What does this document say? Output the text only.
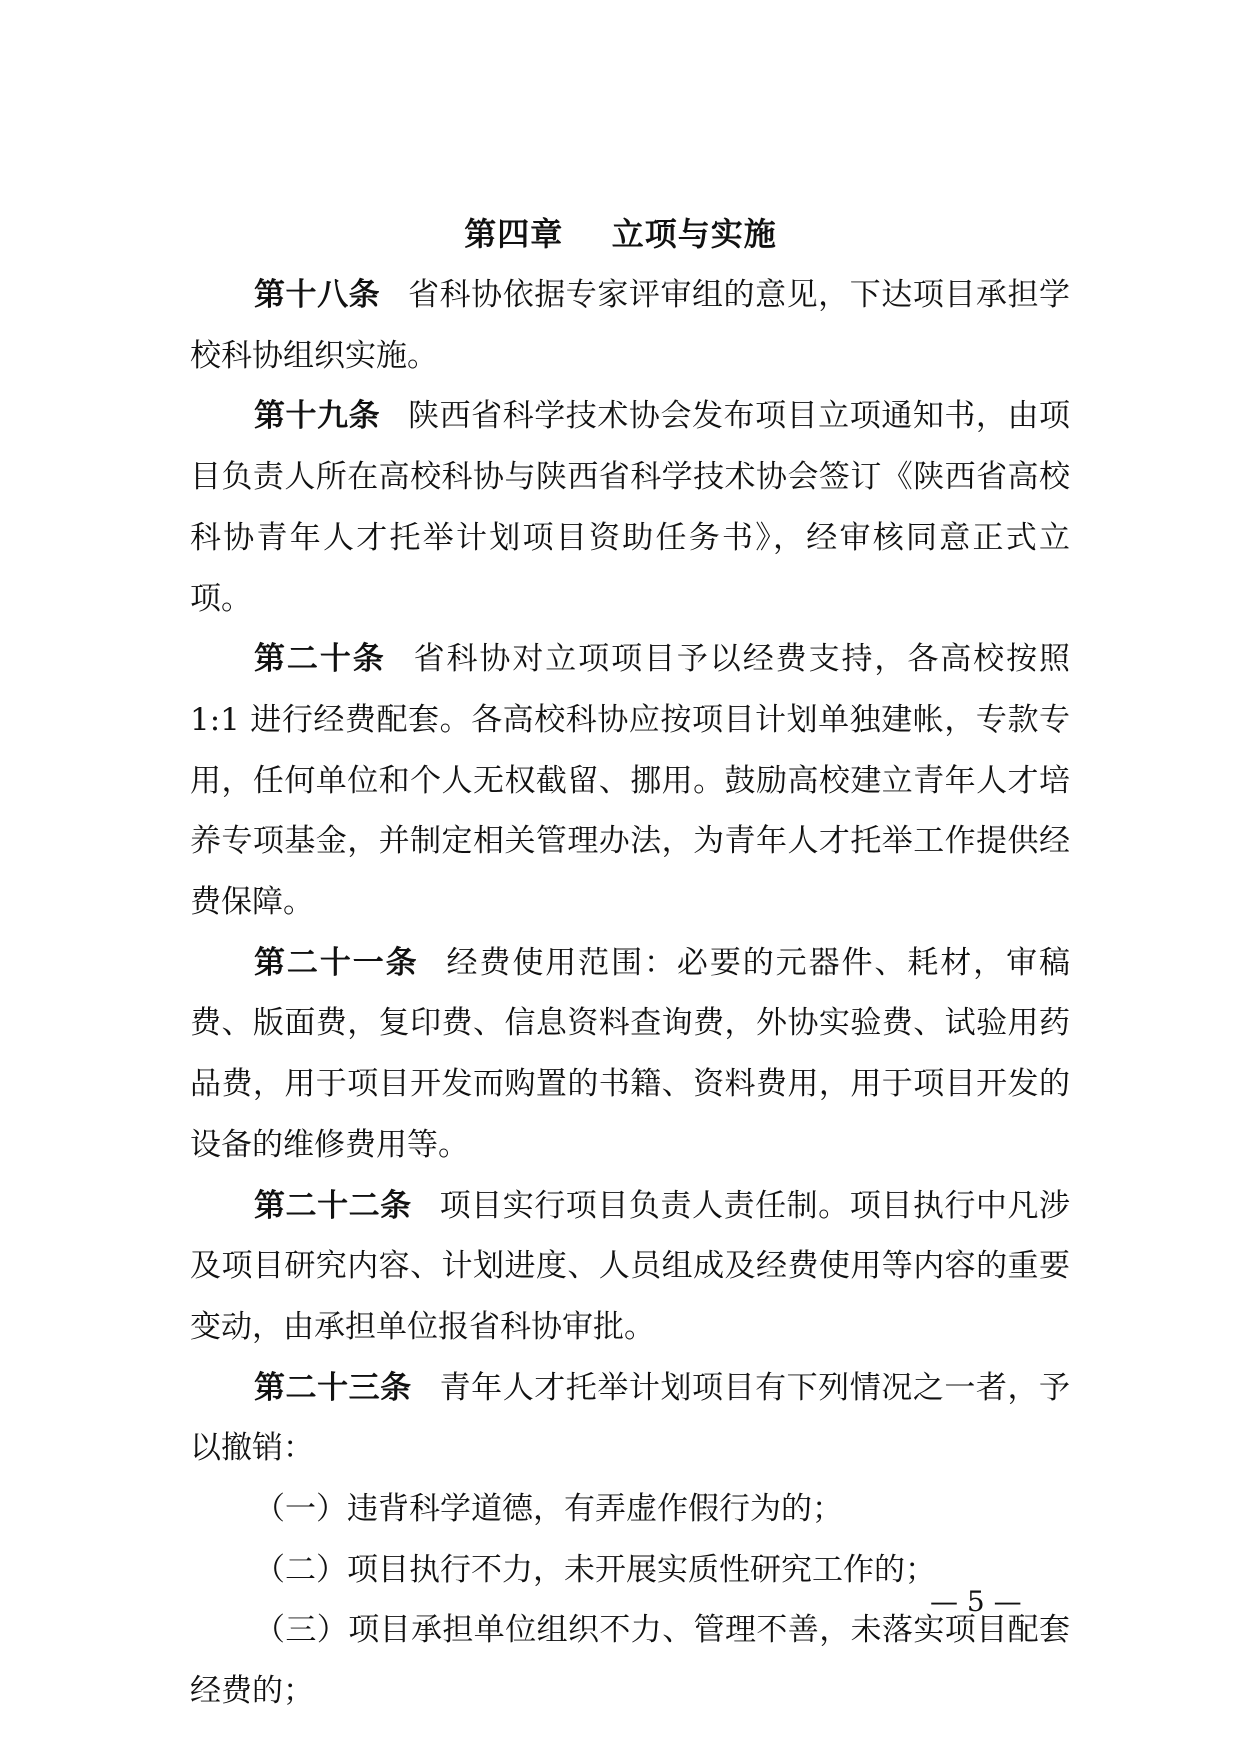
第四章    立项与实施

第十八条 省科协依据专家评审组的意见，下达项目承担学校科协组织实施。

第十九条 陕西省科学技术协会发布项目立项通知书，由项目负责人所在高校科协与陕西省科学技术协会签订《陕西省高校科协青年人才托举计划项目资助任务书》，经审核同意正式立项。

第二十条 省科协对立项项目予以经费支持，各高校按照 1:1 进行经费配套。各高校科协应按项目计划单独建帐，专款专用，任何单位和个人无权截留、挪用。鼓励高校建立青年人才培养专项基金，并制定相关管理办法，为青年人才托举工作提供经费保障。

第二十一条 经费使用范围：必要的元器件、耗材，审稿费、版面费，复印费、信息资料查询费，外协实验费、试验用药品费，用于项目开发而购置的书籍、资料费用，用于项目开发的设备的维修费用等。

第二十二条 项目实行项目负责人责任制。项目执行中凡涉及项目研究内容、计划进度、人员组成及经费使用等内容的重要变动，由承担单位报省科协审批。

第二十三条 青年人才托举计划项目有下列情况之一者，予以撤销：

（一）违背科学道德，有弄虚作假行为的；

（二）项目执行不力，未开展实质性研究工作的；

（三）项目承担单位组织不力、管理不善，未落实项目配套经费的；

— 5 —
